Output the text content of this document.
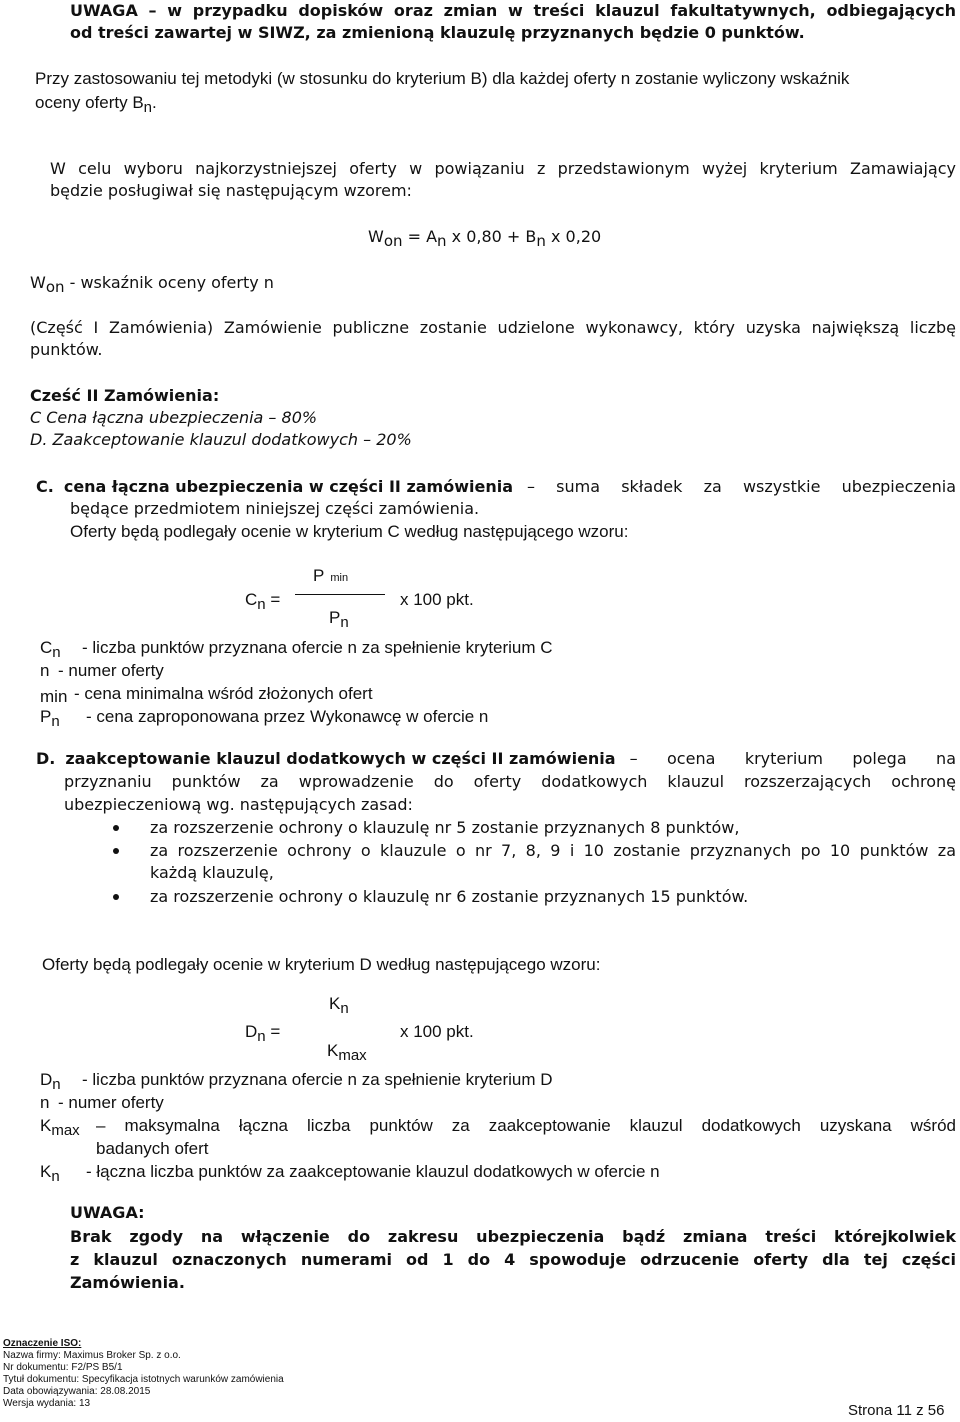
UWAGA – w przypadku dopisków oraz zmian w treści klauzul fakultatywnych, odbiegających
od treści zawartej w SIWZ, za zmienioną klauzulę przyznanych będzie 0 punktów.
Przy zastosowaniu tej metodyki (w stosunku do kryterium B) dla każdej oferty n zostanie wyliczony wskaźnik
oceny oferty $B_n$.
W celu wyboru najkorzystniejszej oferty w powiązaniu z przedstawionym wyżej kryterium Zamawiający
będzie posługiwał się następującym wzorem:
$W_{on} = A_n$ x $0,80 + B_n$ x 0,20
$W_{on}$ - wskaźnik oceny oferty n
(Część I Zamówienia) Zamówienie publiczne zostanie udzielone wykonawcy, który uzyska największą liczbę
punktów.
Cześć II Zamówienia:
C Cena łączna ubezpieczenia – 80%
D. Zaakceptowanie klauzul dodatkowych – 20%
C. cena łączna ubezpieczenia w części II zamówienia – suma składek za wszystkie ubezpieczenia
będące przedmiotem niniejszej części zamówienia.
Oferty będą podlegały ocenie w kryterium C według następującego wzoru:
Pmin
$C_n$ =	x 100 pkt.
$P_n$
$C_n$	- liczba punktów przyznana ofercie n za spełnienie kryterium C
n - numer oferty
min - cena minimalna wśród złożonych ofert
$P_n$	- cena zaproponowana przez Wykonawcę w ofercie n
D. zaakceptowanie klauzul dodatkowych w części II zamówienia – ocena kryterium polega na
przyznaniu punktów za wprowadzenie do oferty dodatkowych klauzul rozszerzających ochronę
ubezpieczeniową wg. następujących zasad:
za rozszerzenie ochrony o klauzulę nr 5 zostanie przyznanych 8 punktów,
za rozszerzenie ochrony o klauzule o nr 7, 8, 9 i 10 zostanie przyznanych po 10 punktów za
każdą klauzulę,
za rozszerzenie ochrony o klauzulę nr 6 zostanie przyznanych 15 punktów.
Oferty będą podlegały ocenie w kryterium D według następującego wzoru:
$K_n$
$D_n$ =	x 100 pkt.
$K_{max}$
$D_n$	- liczba punktów przyznana ofercie n za spełnienie kryterium D
n - numer oferty
$K_{max}$ – maksymalna łączna liczba punktów za zaakceptowanie klauzul dodatkowych uzyskana wśród
badanych ofert
$K_n$	- łączna liczba punktów za zaakceptowanie klauzul dodatkowych w ofercie n
UWAGA:
Brak zgody na włączenie do zakresu ubezpieczenia bądź zmiana treści którejkolwiek
z klauzul oznaczonych numerami od 1 do 4 spowoduje odrzucenie oferty dla tej części
Zamówienia.
Oznaczenie ISO:
Nazwa firmy: Maximus Broker Sp. z o.o.
Nr dokumentu: F2/PS B5/1
Tytuł dokumentu: Specyfikacja istotnych warunków zamówienia
Data obowiązywania: 28.08.2015
Wersja wydania: 13	Strona 11 z 56
